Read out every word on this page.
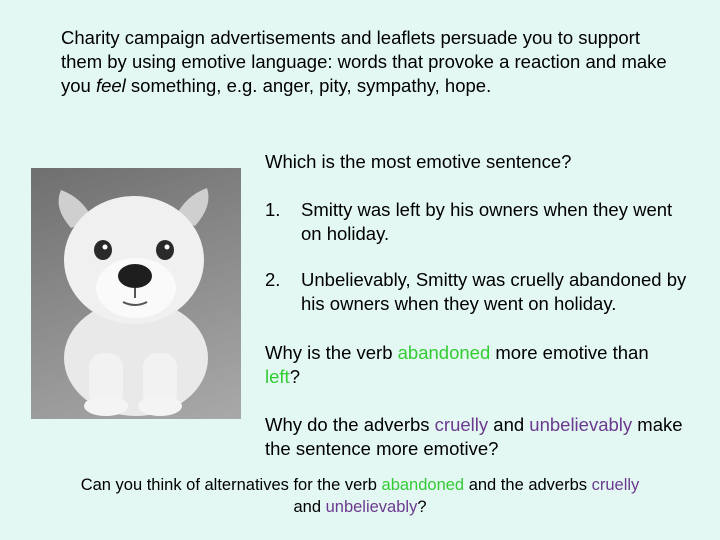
Charity campaign advertisements and leaflets persuade you to support them by using emotive language: words that provoke a reaction and make you feel something, e.g. anger, pity, sympathy, hope.

Which is the most emotive sentence?

1.	Smitty was left by his owners when they went on holiday.
2.	Unbelievably, Smitty was cruelly abandoned by his owners when they went on holiday.

Why is the verb abandoned more emotive than left?

Why do the adverbs cruelly and unbelievably make the sentence more emotive?

Can you think of alternatives for the verb abandoned and the adverbs cruelly
and unbelievably?
